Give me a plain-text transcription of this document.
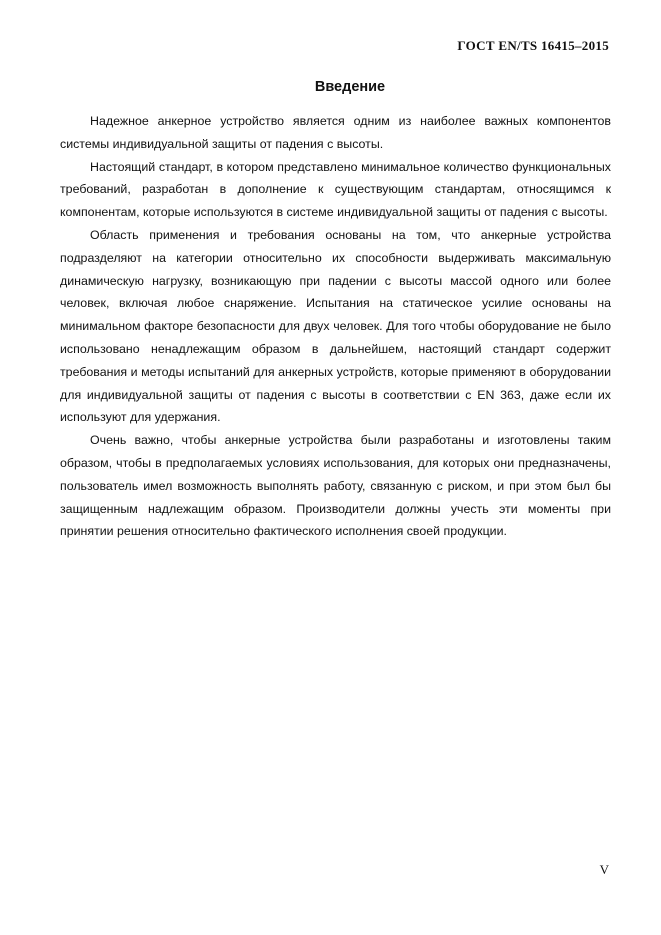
ГОСТ EN/TS 16415–2015
Введение

Надежное анкерное устройство является одним из наиболее важных компонентов системы индивидуальной защиты от падения с высоты.

Настоящий стандарт, в котором представлено минимальное количество функциональных требований, разработан в дополнение к существующим стандартам, относящимся к компонентам, которые используются в системе индивидуальной защиты от падения с высоты.

Область применения и требования основаны на том, что анкерные устройства подразделяют на категории относительно их способности выдерживать максимальную динамическую нагрузку, возникающую при падении с высоты массой одного или более человек, включая любое снаряжение. Испытания на статическое усилие основаны на минимальном факторе безопасности для двух человек. Для того чтобы оборудование не было использовано ненадлежащим образом в дальнейшем, настоящий стандарт содержит требования и методы испытаний для анкерных устройств, которые применяют в оборудовании для индивидуальной защиты от падения с высоты в соответствии с EN 363, даже если их используют для удержания.

Очень важно, чтобы анкерные устройства были разработаны и изготовлены таким образом, чтобы в предполагаемых условиях использования, для которых они предназначены, пользователь имел возможность выполнять работу, связанную с риском, и при этом был бы защищенным надлежащим образом. Производители должны учесть эти моменты при принятии решения относительно фактического исполнения своей продукции.

V
